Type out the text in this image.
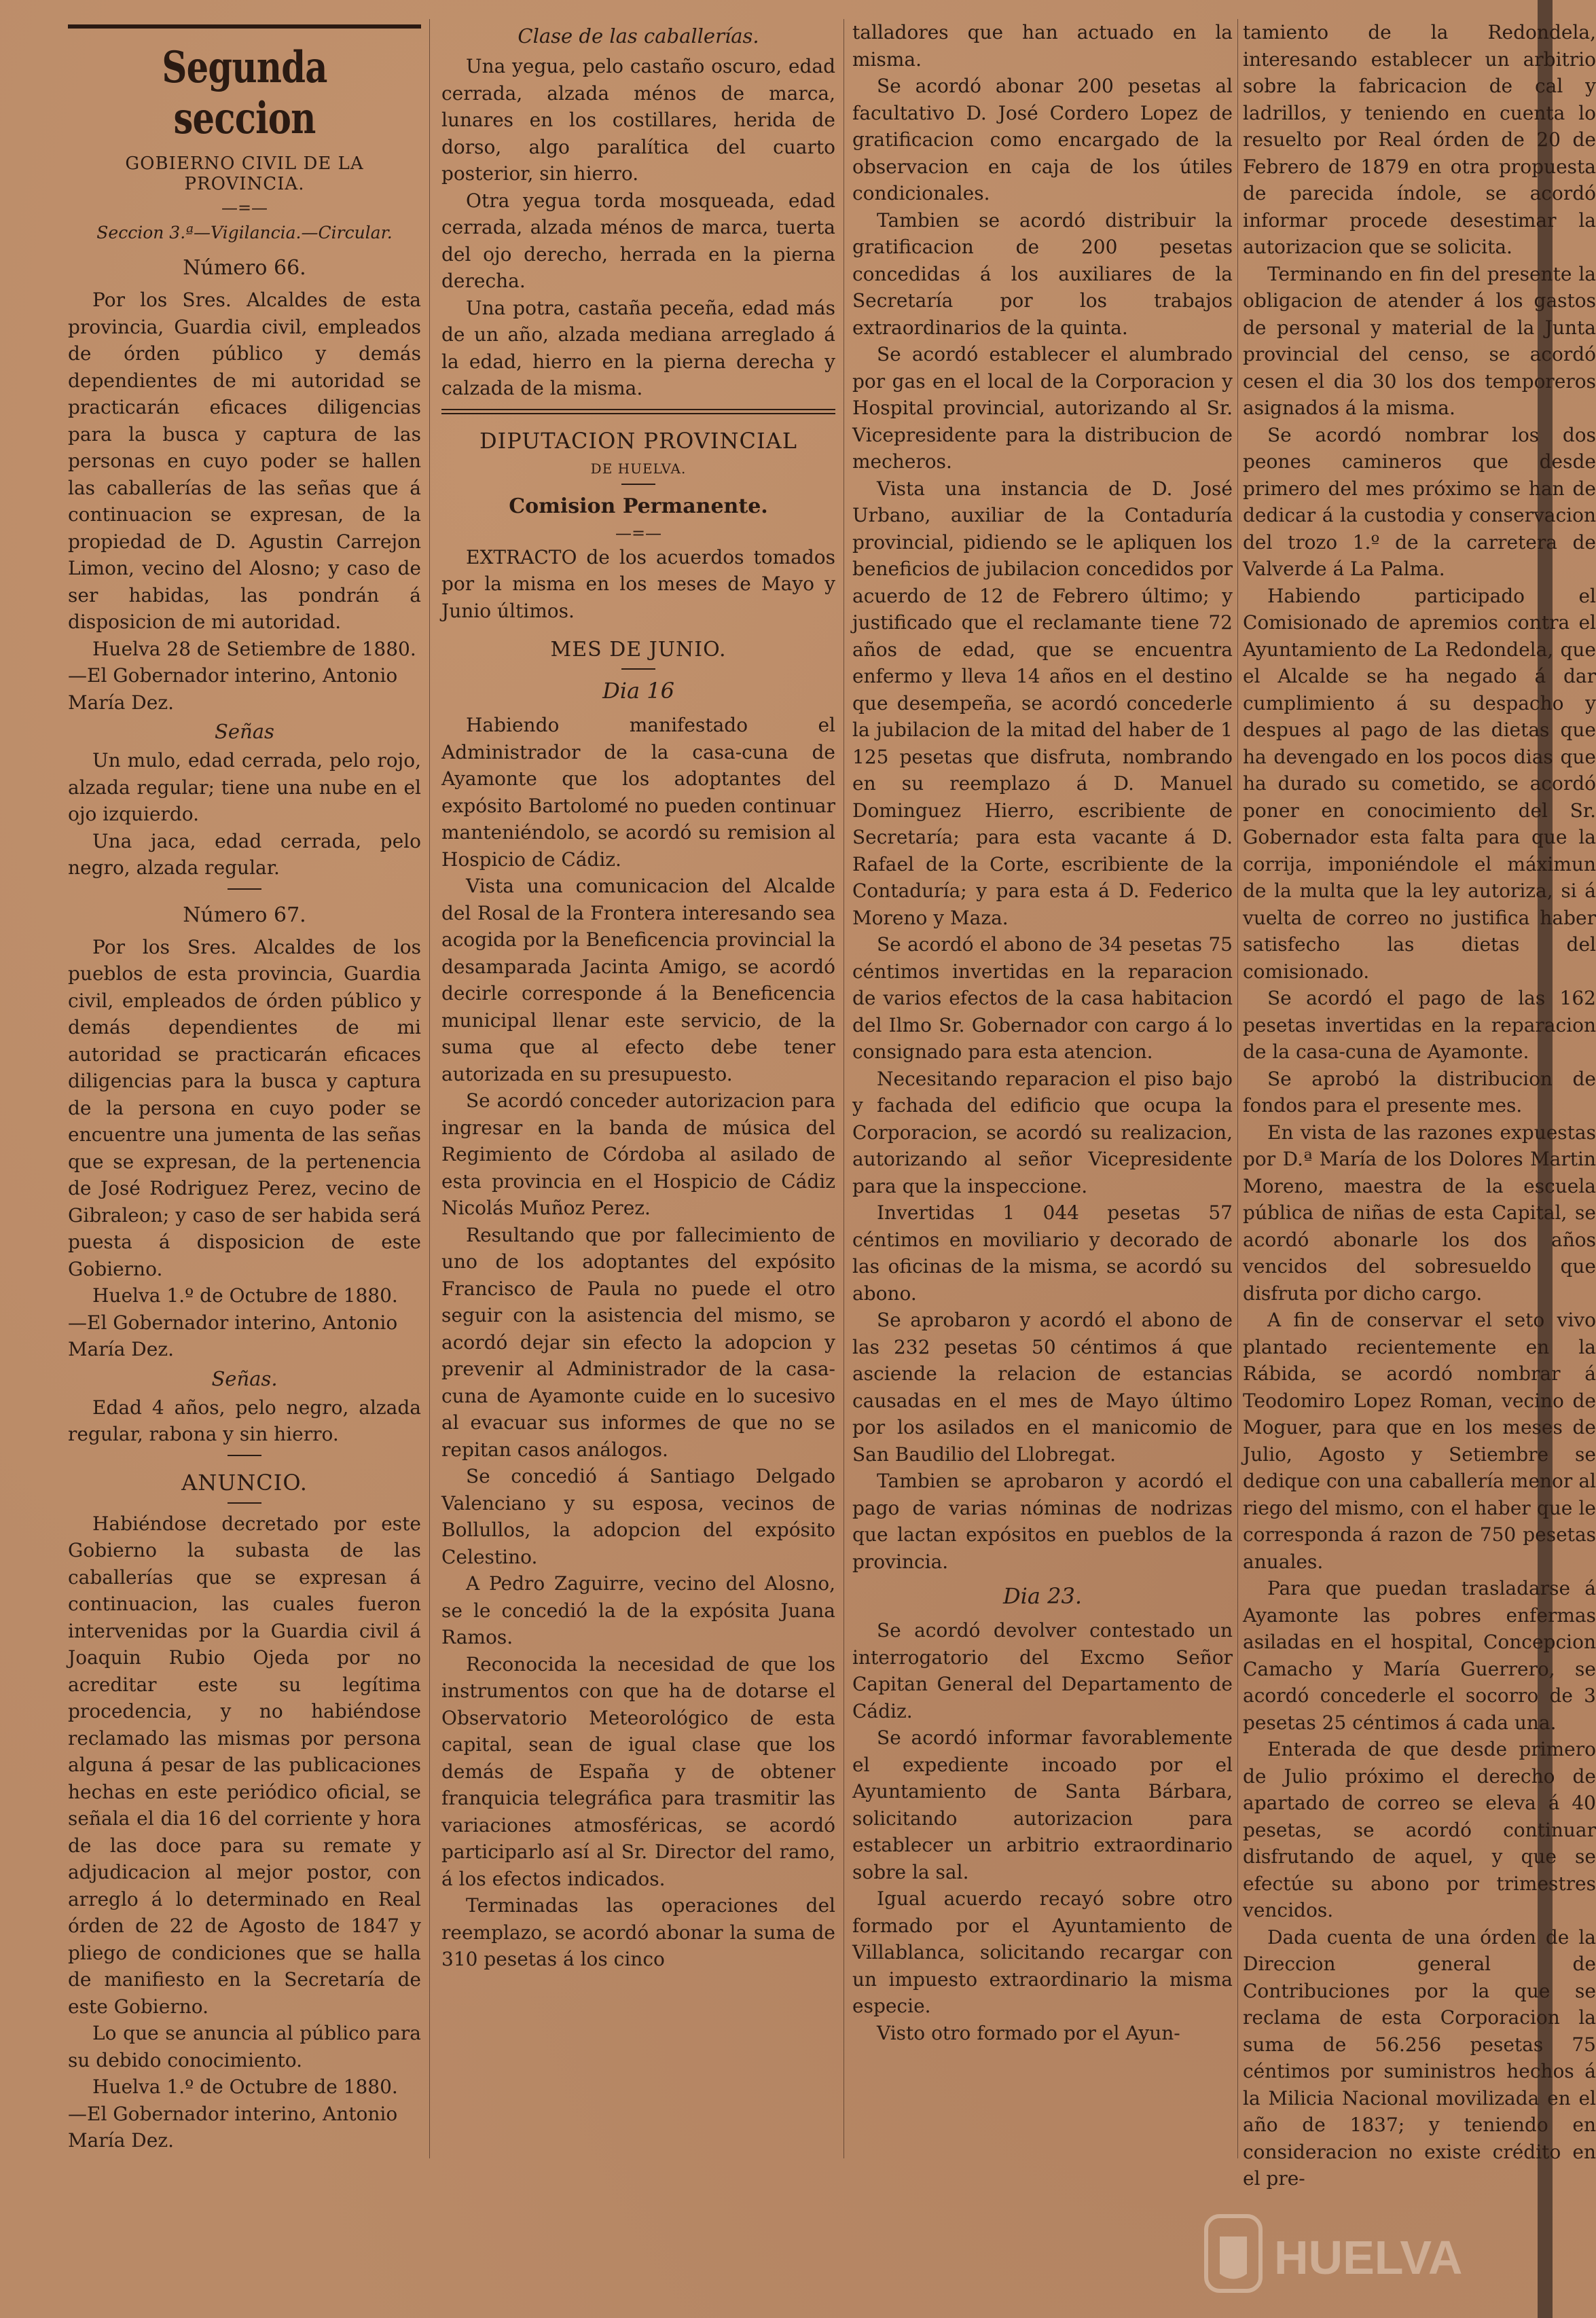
Segunda seccion
GOBIERNO CIVIL DE LA PROVINCIA.
—=—
Seccion 3.ª—Vigilancia.—Circular.
Número 66.

Por los Sres. Alcaldes de esta provincia, Guardia civil, empleados de órden público y demás dependientes de mi autoridad se practicarán eficaces diligencias para la busca y captura de las personas en cuyo poder se hallen las caballerías de las señas que á continuacion se expresan, de la propiedad de D. Agustin Carrejon Limon, vecino del Alosno; y caso de ser habidas, las pondrán á disposicion de mi autoridad.

Huelva 28 de Setiembre de 1880. —El Gobernador interino, Antonio María Dez.

Señas

Un mulo, edad cerrada, pelo rojo, alzada regular; tiene una nube en el ojo izquierdo.

Una jaca, edad cerrada, pelo negro, alzada regular.

Número 67.

Por los Sres. Alcaldes de los pueblos de esta provincia, Guardia civil, empleados de órden público y demás dependientes de mi autoridad se practicarán eficaces diligencias para la busca y captura de la persona en cuyo poder se encuentre una jumenta de las señas que se expresan, de la pertenencia de José Rodriguez Perez, vecino de Gibraleon; y caso de ser habida será puesta á disposicion de este Gobierno.

Huelva 1.º de Octubre de 1880. —El Gobernador interino, Antonio María Dez.

Señas.

Edad 4 años, pelo negro, alzada regular, rabona y sin hierro.

ANUNCIO.

Habiéndose decretado por este Gobierno la subasta de las caballerías que se expresan á continuacion, las cuales fueron intervenidas por la Guardia civil á Joaquin Rubio Ojeda por no acreditar este su legítima procedencia, y no habiéndose reclamado las mismas por persona alguna á pesar de las publicaciones hechas en este periódico oficial, se señala el dia 16 del corriente y hora de las doce para su remate y adjudicacion al mejor postor, con arreglo á lo determinado en Real órden de 22 de Agosto de 1847 y pliego de condiciones que se halla de manifiesto en la Secretaría de este Gobierno.

Lo que se anuncia al público para su debido conocimiento.

Huelva 1.º de Octubre de 1880. —El Gobernador interino, Antonio María Dez.

Clase de las caballerías.

Una yegua, pelo castaño oscuro, edad cerrada, alzada ménos de marca, lunares en los costillares, herida de dorso, algo paralítica del cuarto posterior, sin hierro.

Otra yegua torda mosqueada, edad cerrada, alzada ménos de marca, tuerta del ojo derecho, herrada en la pierna derecha.

Una potra, castaña peceña, edad más de un año, alzada mediana arreglado á la edad, hierro en la pierna derecha y calzada de la misma.

DIPUTACION PROVINCIAL
DE HUELVA.
Comision Permanente.
—=—

EXTRACTO de los acuerdos tomados por la misma en los meses de Mayo y Junio últimos.

MES DE JUNIO.
Dia 16

Habiendo manifestado el Administrador de la casa-cuna de Ayamonte que los adoptantes del expósito Bartolomé no pueden continuar manteniéndolo, se acordó su remision al Hospicio de Cádiz.

Vista una comunicacion del Alcalde del Rosal de la Frontera interesando sea acogida por la Beneficencia provincial la desamparada Jacinta Amigo, se acordó decirle corresponde á la Beneficencia municipal llenar este servicio, de la suma que al efecto debe tener autorizada en su presupuesto.

Se acordó conceder autorizacion para ingresar en la banda de música del Regimiento de Córdoba al asilado de esta provincia en el Hospicio de Cádiz Nicolás Muñoz Perez.

Resultando que por fallecimiento de uno de los adoptantes del expósito Francisco de Paula no puede el otro seguir con la asistencia del mismo, se acordó dejar sin efecto la adopcion y prevenir al Administrador de la casa-cuna de Ayamonte cuide en lo sucesivo al evacuar sus informes de que no se repitan casos análogos.

Se concedió á Santiago Delgado Valenciano y su esposa, vecinos de Bollullos, la adopcion del expósito Celestino.

A Pedro Zaguirre, vecino del Alosno, se le concedió la de la expósita Juana Ramos.

Reconocida la necesidad de que los instrumentos con que ha de dotarse el Observatorio Meteorológico de esta capital, sean de igual clase que los demás de España y de obtener franquicia telegráfica para trasmitir las variaciones atmosféricas, se acordó participarlo así al Sr. Director del ramo, á los efectos indicados.

Terminadas las operaciones del reemplazo, se acordó abonar la suma de 310 pesetas á los cinco

talladores que han actuado en la misma.

Se acordó abonar 200 pesetas al facultativo D. José Cordero Lopez de gratificacion como encargado de la observacion en caja de los útiles condicionales.

Tambien se acordó distribuir la gratificacion de 200 pesetas concedidas á los auxiliares de la Secretaría por los trabajos extraordinarios de la quinta.

Se acordó establecer el alumbrado por gas en el local de la Corporacion y Hospital provincial, autorizando al Sr. Vicepresidente para la distribucion de mecheros.

Vista una instancia de D. José Urbano, auxiliar de la Contaduría provincial, pidiendo se le apliquen los beneficios de jubilacion concedidos por acuerdo de 12 de Febrero último; y justificado que el reclamante tiene 72 años de edad, que se encuentra enfermo y lleva 14 años en el destino que desempeña, se acordó concederle la jubilacion de la mitad del haber de 1 125 pesetas que disfruta, nombrando en su reemplazo á D. Manuel Dominguez Hierro, escribiente de Secretaría; para esta vacante á D. Rafael de la Corte, escribiente de la Contaduría; y para esta á D. Federico Moreno y Maza.

Se acordó el abono de 34 pesetas 75 céntimos invertidas en la reparacion de varios efectos de la casa habitacion del Ilmo Sr. Gobernador con cargo á lo consignado para esta atencion.

Necesitando reparacion el piso bajo y fachada del edificio que ocupa la Corporacion, se acordó su realizacion, autorizando al señor Vicepresidente para que la inspeccione.

Invertidas 1 044 pesetas 57 céntimos en moviliario y decorado de las oficinas de la misma, se acordó su abono.

Se aprobaron y acordó el abono de las 232 pesetas 50 céntimos á que asciende la relacion de estancias causadas en el mes de Mayo último por los asilados en el manicomio de San Baudilio del Llobregat.

Tambien se aprobaron y acordó el pago de varias nóminas de nodrizas que lactan expósitos en pueblos de la provincia.

Dia 23.

Se acordó devolver contestado un interrogatorio del Excmo Señor Capitan General del Departamento de Cádiz.

Se acordó informar favorablemente el expediente incoado por el Ayuntamiento de Santa Bárbara, solicitando autorizacion para establecer un arbitrio extraordinario sobre la sal.

Igual acuerdo recayó sobre otro formado por el Ayuntamiento de Villablanca, solicitando recargar con un impuesto extraordinario la misma especie.

Visto otro formado por el Ayun-

tamiento de la Redondela, interesando establecer un arbitrio sobre la fabricacion de cal y ladrillos, y teniendo en cuenta lo resuelto por Real órden de 20 de Febrero de 1879 en otra propuesta de parecida índole, se acordó informar procede desestimar la autorizacion que se solicita.

Terminando en fin del presente la obligacion de atender á los gastos de personal y material de la Junta provincial del censo, se acordó cesen el dia 30 los dos temporeros asignados á la misma.

Se acordó nombrar los dos peones camineros que desde primero del mes próximo se han de dedicar á la custodia y conservacion del trozo 1.º de la carretera de Valverde á La Palma.

Habiendo participado el Comisionado de apremios contra el Ayuntamiento de La Redondela, que el Alcalde se ha negado á dar cumplimiento á su despacho y despues al pago de las dietas que ha devengado en los pocos dias que ha durado su cometido, se acordó poner en conocimiento del Sr. Gobernador esta falta para que la corrija, imponiéndole el máximun de la multa que la ley autoriza, si á vuelta de correo no justifica haber satisfecho las dietas del comisionado.

Se acordó el pago de las 162 pesetas invertidas en la reparacion de la casa-cuna de Ayamonte.

Se aprobó la distribucion de fondos para el presente mes.

En vista de las razones expuestas por D.ª María de los Dolores Martin Moreno, maestra de la escuela pública de niñas de esta Capital, se acordó abonarle los dos años vencidos del sobresueldo que disfruta por dicho cargo.

A fin de conservar el seto vivo plantado recientemente en la Rábida, se acordó nombrar á Teodomiro Lopez Roman, vecino de Moguer, para que en los meses de Julio, Agosto y Setiembre se dedique con una caballería menor al riego del mismo, con el haber que le corresponda á razon de 750 pesetas anuales.

Para que puedan trasladarse á Ayamonte las pobres enfermas asiladas en el hospital, Concepcion Camacho y María Guerrero, se acordó concederle el socorro de 3 pesetas 25 céntimos á cada una.

Enterada de que desde primero de Julio próximo el derecho de apartado de correo se eleva á 40 pesetas, se acordó continuar disfrutando de aquel, y que se efectúe su abono por trimestres vencidos.

Dada cuenta de una órden de la Direccion general de Contribuciones por la que se reclama de esta Corporacion la suma de 56.256 pesetas 75 céntimos por suministros hechos á la Milicia Nacional movilizada en el año de 1837; y teniendo en consideracion no existe crédito en el pre-

HUELVA
